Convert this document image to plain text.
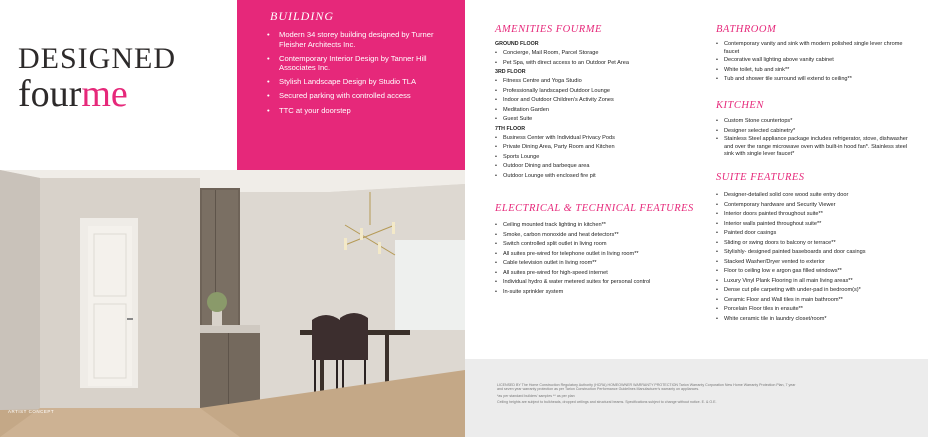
DESIGNED
fourme
BUILDING
• Modern 34 storey building designed by Turner Fleisher Architects Inc.
• Contemporary Interior Design by Tanner Hill Associates Inc.
• Stylish Landscape Design by Studio TLA
• Secured parking with controlled access
• TTC at your doorstep
ARTIST CONCEPT
AMENITIES FOURME
GROUND FLOOR
• Concierge, Mail Room, Parcel Storage
• Pet Spa, with direct access to an Outdoor Pet Area
3RD FLOOR
• Fitness Centre and Yoga Studio
• Professionally landscaped Outdoor Lounge
• Indoor and Outdoor Children's Activity Zones
• Meditation Garden
• Guest Suite
7TH FLOOR
• Business Center with Individual Privacy Pods
• Private Dining Area, Party Room and Kitchen
• Sports Lounge
• Outdoor Dining and barbeque area
• Outdoor Lounge with enclosed fire pit
ELECTRICAL & TECHNICAL FEATURES
• Ceiling mounted track lighting in kitchen**
• Smoke, carbon monoxide and heat detectors**
• Switch controlled split outlet in living room
• All suites pre-wired for telephone outlet in living room**
• Cable television outlet in living room**
• All suites pre-wired for high-speed internet
• Individual hydro & water metered suites for personal control
• In-suite sprinkler system
BATHROOM
• Contemporary vanity and sink with modern polished single lever chrome faucet
• Decorative wall lighting above vanity cabinet
• White toilet, tub and sink**
• Tub and shower tile surround will extend to ceiling**
KITCHEN
• Custom Stone countertops*
• Designer selected cabinetry*
• Stainless Steel appliance package includes refrigerator, stove, dishwasher and over the range microwave oven with built-in hood fan*. Stainless steel sink with single lever faucet*
SUITE FEATURES
• Designer-detailed solid core wood suite entry door
• Contemporary hardware and Security Viewer
• Interior doors painted throughout suite**
• Interior walls painted throughout suite**
• Painted door casings
• Sliding or swing doors to balcony or terrace**
• Stylishly- designed painted baseboards and door casings
• Stacked Washer/Dryer vented to exterior
• Floor to ceiling low e argon gas filled windows**
• Luxury Vinyl Plank Flooring in all main living areas**
• Dense cut pile carpeting with under-pad in bedroom(s)*
• Ceramic Floor and Wall tiles in main bathroom**
• Porcelain Floor tiles in ensuite**
• White ceramic tile in laundry closet/room*

LICENSED BY The Home Construction Regulatory Authority (HCRA) HOMEOWNER WARRANTY PROTECTION Tarion Warranty Corporation New Home Warranty Protection Plan, 7 year and seven year warranty protection as per Tarion Construction Performance Guidelines Manufacturer's warranty on appliances.

*as per standard builders' samples ** as per plan

Ceiling heights are subject to bulkheads, dropped ceilings and structural beams. Specifications subject to change without notice. E. & O.E.
